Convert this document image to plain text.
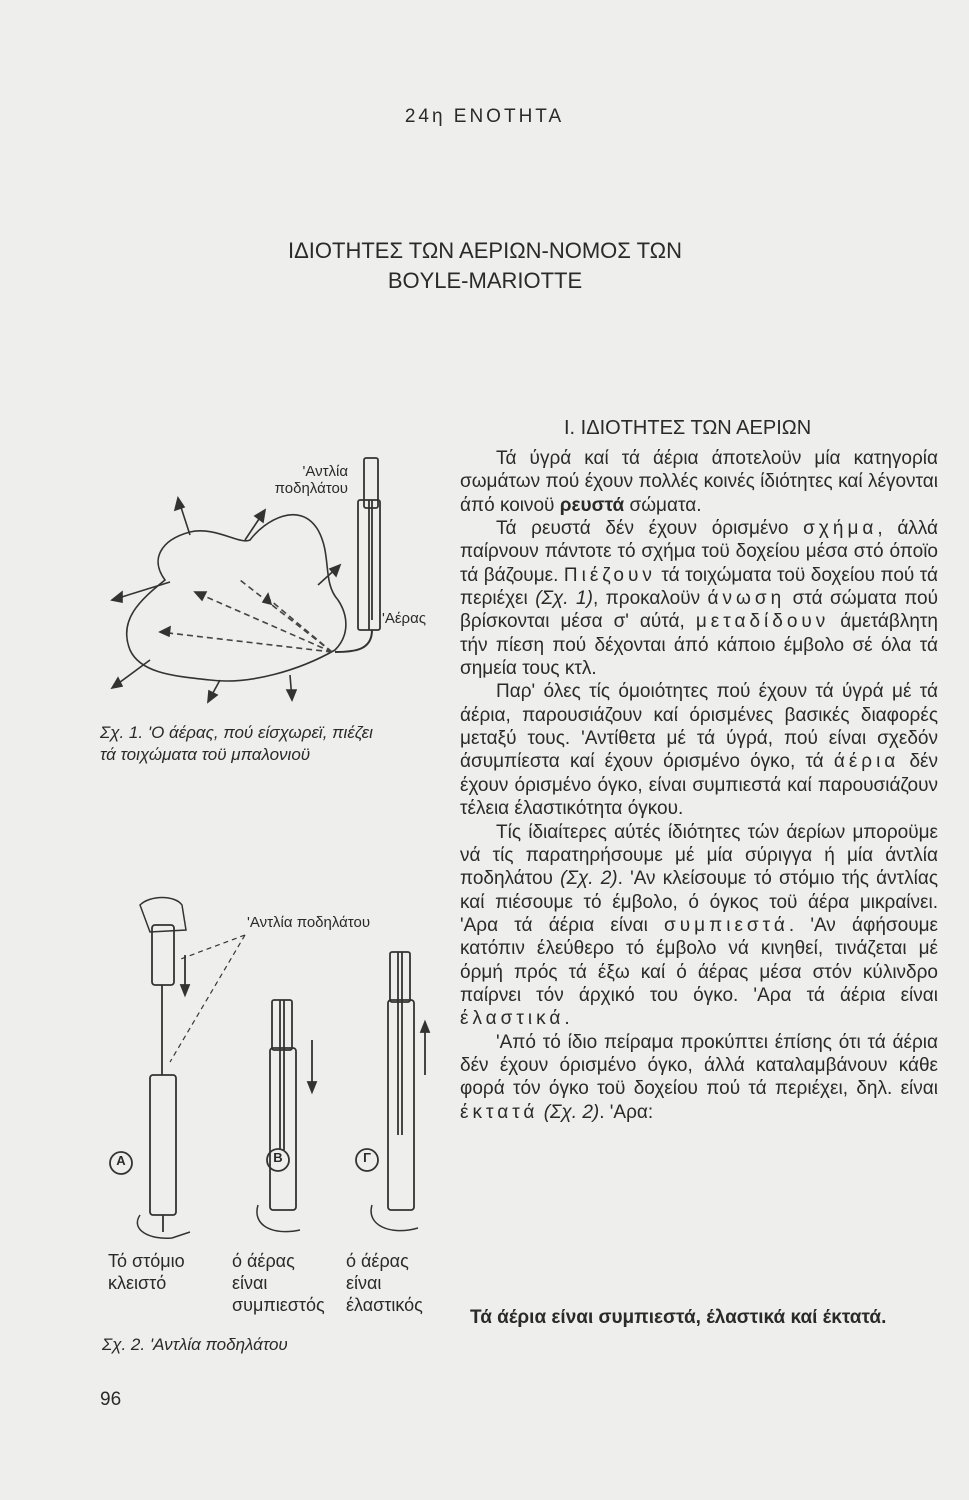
24η ΕΝΟΤΗΤΑ
ΙΔΙΟΤΗΤΕΣ ΤΩΝ ΑΕΡΙΩΝ-ΝΟΜΟΣ ΤΩΝ
BOYLE-MARIOTTE
'Αντλία
ποδηλάτου
'Αέρας
Σχ. 1. 'Ο άέρας, πού είσχωρεϊ, πιέζει
τά τοιχώματα τοϋ μπαλονιοϋ
A	B	Γ
'Αντλία ποδηλάτου
Τό στόμιο
κλειστό
ό άέρας
είναι
συμπιεστός
ό άέρας
είναι
έλαστικός
Σχ. 2. 'Αντλία ποδηλάτου
Ι. ΙΔΙΟΤΗΤΕΣ ΤΩΝ ΑΕΡΙΩΝ

Τά ύγρά καί τά άέρια άποτελοϋν μία κατηγορία σωμάτων πού έχουν πολλές κοινές ίδιότητες καί λέγονται άπό κοινοϋ ρευστά σώματα.

Τά ρευστά δέν έχουν όρισμένο σχήμα, άλλά παίρνουν πάντοτε τό σχήμα τοϋ δοχείου μέσα στό όποϊο τά βάζουμε. Πιέζουν τά τοιχώματα τοϋ δοχείου πού τά περιέχει (Σχ. 1), προκαλοϋν άνωση στά σώματα πού βρίσκονται μέσα σ' αύτά, μεταδίδουν άμετάβλητη τήν πίεση πού δέχονται άπό κάποιο έμβολο σέ όλα τά σημεία τους κτλ.

Παρ' όλες τίς όμοιότητες πού έχουν τά ύγρά μέ τά άέρια, παρουσιάζουν καί όρισμένες βασικές διαφορές μεταξύ τους. 'Αντίθετα μέ τά ύγρά, πού είναι σχεδόν άσυμπίεστα καί έχουν όρισμένο όγκο, τά άέρια δέν έχουν όρισμένο όγκο, είναι συμπιεστά καί παρουσιάζουν τέλεια έλαστικότητα όγκου.

Τίς ίδιαίτερες αύτές ίδιότητες τών άερίων μποροϋμε νά τίς παρατηρήσουμε μέ μία σύριγγα ή μία άντλία ποδηλάτου (Σχ. 2). 'Αν κλείσουμε τό στόμιο τής άντλίας καί πιέσουμε τό έμβολο, ό όγκος τοϋ άέρα μικραίνει. 'Αρα τά άέρια είναι συμπιεστά. 'Αν άφήσουμε κατόπιν έλεύθερο τό έμβολο νά κινηθεί, τινάζεται μέ όρμή πρός τά έξω καί ό άέρας μέσα στόν κύλινδρο παίρνει τόν άρχικό του όγκο. 'Αρα τά άέρια είναι έλαστικά.

'Από τό ίδιο πείραμα προκύπτει έπίσης ότι τά άέρια δέν έχουν όρισμένο όγκο, άλλά καταλαμβάνουν κάθε φορά τόν όγκο τοϋ δοχείου πού τά περιέχει, δηλ. είναι έκτατά (Σχ. 2). 'Αρα:

Τά άέρια είναι συμπιεστά, έλαστικά καί έκτατά.
96
